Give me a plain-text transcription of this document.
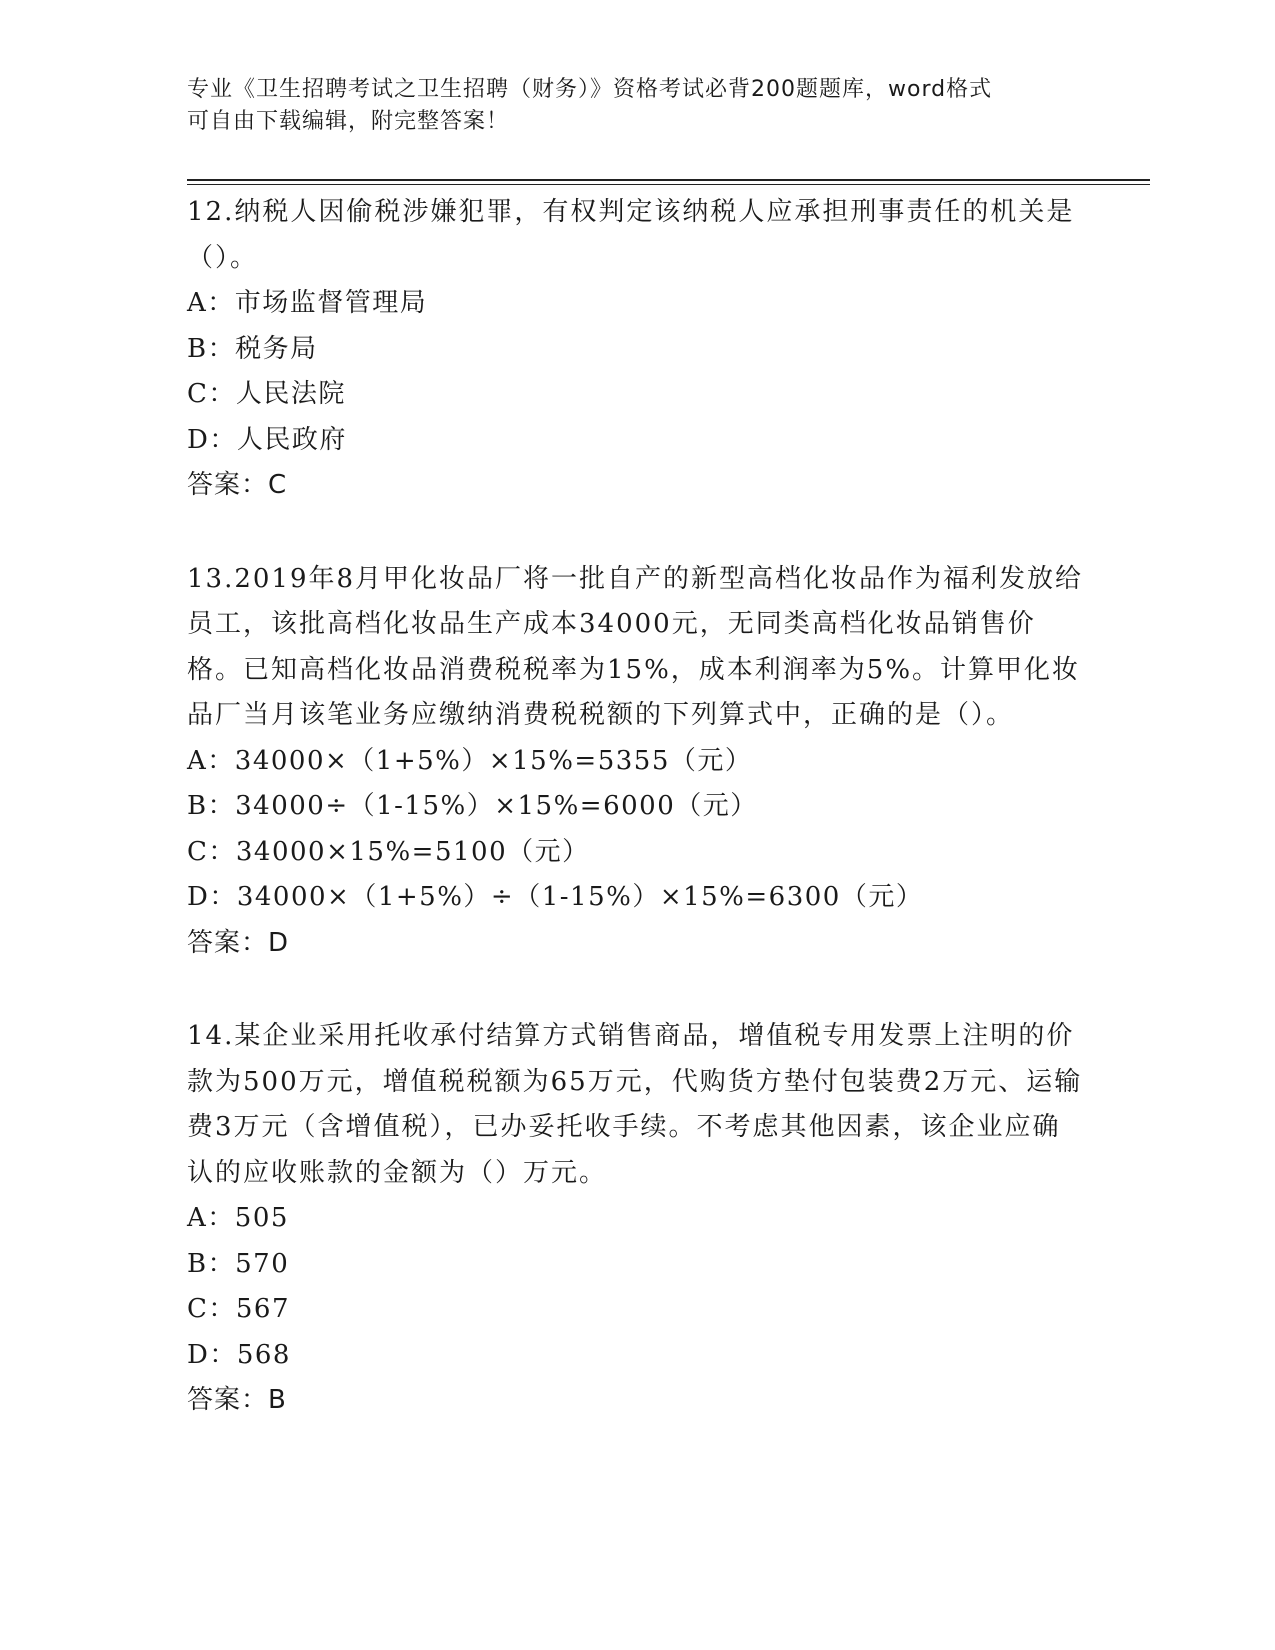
专业《卫生招聘考试之卫生招聘（财务）》资格考试必背200题题库，word格式
可自由下载编辑，附完整答案！
12.纳税人因偷税涉嫌犯罪，有权判定该纳税人应承担刑事责任的机关是（）。
A：市场监督管理局
B：税务局
C：人民法院
D：人民政府
答案：C
13.2019年8月甲化妆品厂将一批自产的新型高档化妆品作为福利发放给员工，该批高档化妆品生产成本34000元，无同类高档化妆品销售价格。已知高档化妆品消费税税率为15%，成本利润率为5%。计算甲化妆品厂当月该笔业务应缴纳消费税税额的下列算式中，正确的是（）。
A：34000×（1+5%）×15%=5355（元）
B：34000÷（1-15%）×15%=6000（元）
C：34000×15%=5100（元）
D：34000×（1+5%）÷（1-15%）×15%=6300（元）
答案：D
14.某企业采用托收承付结算方式销售商品，增值税专用发票上注明的价款为500万元，增值税税额为65万元，代购货方垫付包装费2万元、运输费3万元（含增值税），已办妥托收手续。不考虑其他因素，该企业应确认的应收账款的金额为（）万元。
A：505
B：570
C：567
D：568
答案：B
